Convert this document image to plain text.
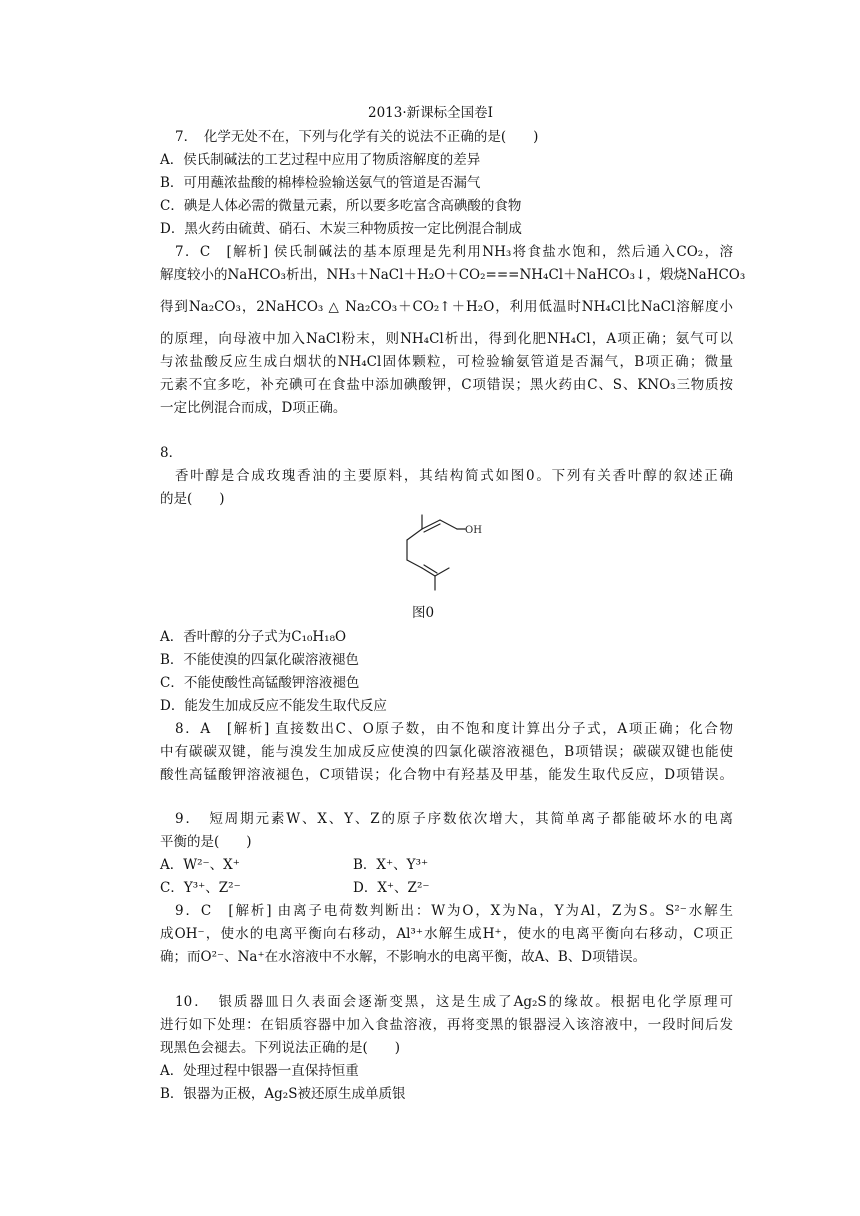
2013·新课标全国卷Ⅰ
7．　化学无处不在，下列与化学有关的说法不正确的是(　　)
A．侯氏制碱法的工艺过程中应用了物质溶解度的差异
B．可用蘸浓盐酸的棉棒检验输送氨气的管道是否漏气
C．碘是人体必需的微量元素，所以要多吃富含高碘酸的食物
D．黑火药由硫黄、硝石、木炭三种物质按一定比例混合制成
7．C　[解析] 侯氏制碱法的基本原理是先利用NH₃将食盐水饱和，然后通入CO₂，溶
解度较小的NaHCO₃析出，NH₃＋NaCl＋H₂O＋CO₂===NH₄Cl＋NaHCO₃↓，煅烧NaHCO₃
得到Na₂CO₃，2NaHCO₃ △ Na₂CO₃＋CO₂↑＋H₂O，利用低温时NH₄Cl比NaCl溶解度小
的原理，向母液中加入NaCl粉末，则NH₄Cl析出，得到化肥NH₄Cl，A项正确；氨气可以
与浓盐酸反应生成白烟状的NH₄Cl固体颗粒，可检验输氨管道是否漏气，B项正确；微量
元素不宜多吃，补充碘可在食盐中添加碘酸钾，C项错误；黑火药由C、S、KNO₃三物质按
一定比例混合而成，D项正确。
8．
香叶醇是合成玫瑰香油的主要原料，其结构简式如图0。下列有关香叶醇的叙述正确
的是(　　)
OH
图0
A．香叶醇的分子式为C₁₀H₁₈O
B．不能使溴的四氯化碳溶液褪色
C．不能使酸性高锰酸钾溶液褪色
D．能发生加成反应不能发生取代反应
8．A　[解析] 直接数出C、O原子数，由不饱和度计算出分子式，A项正确；化合物
中有碳碳双键，能与溴发生加成反应使溴的四氯化碳溶液褪色，B项错误；碳碳双键也能使
酸性高锰酸钾溶液褪色，C项错误；化合物中有羟基及甲基，能发生取代反应，D项错误。
9．　短周期元素W、X、Y、Z的原子序数依次增大，其简单离子都能破坏水的电离
平衡的是(　　)
A．W²⁻、X⁺	B．X⁺、Y³⁺
C．Y³⁺、Z²⁻	D．X⁺、Z²⁻
9．C　[解析] 由离子电荷数判断出：W为O，X为Na，Y为Al，Z为S。S²⁻水解生
成OH⁻，使水的电离平衡向右移动，Al³⁺水解生成H⁺，使水的电离平衡向右移动，C项正
确；而O²⁻、Na⁺在水溶液中不水解，不影响水的电离平衡，故A、B、D项错误。
10．　银质器皿日久表面会逐渐变黑，这是生成了Ag₂S的缘故。根据电化学原理可
进行如下处理：在铝质容器中加入食盐溶液，再将变黑的银器浸入该溶液中，一段时间后发
现黑色会褪去。下列说法正确的是(　　)
A．处理过程中银器一直保持恒重
B．银器为正极，Ag₂S被还原生成单质银
